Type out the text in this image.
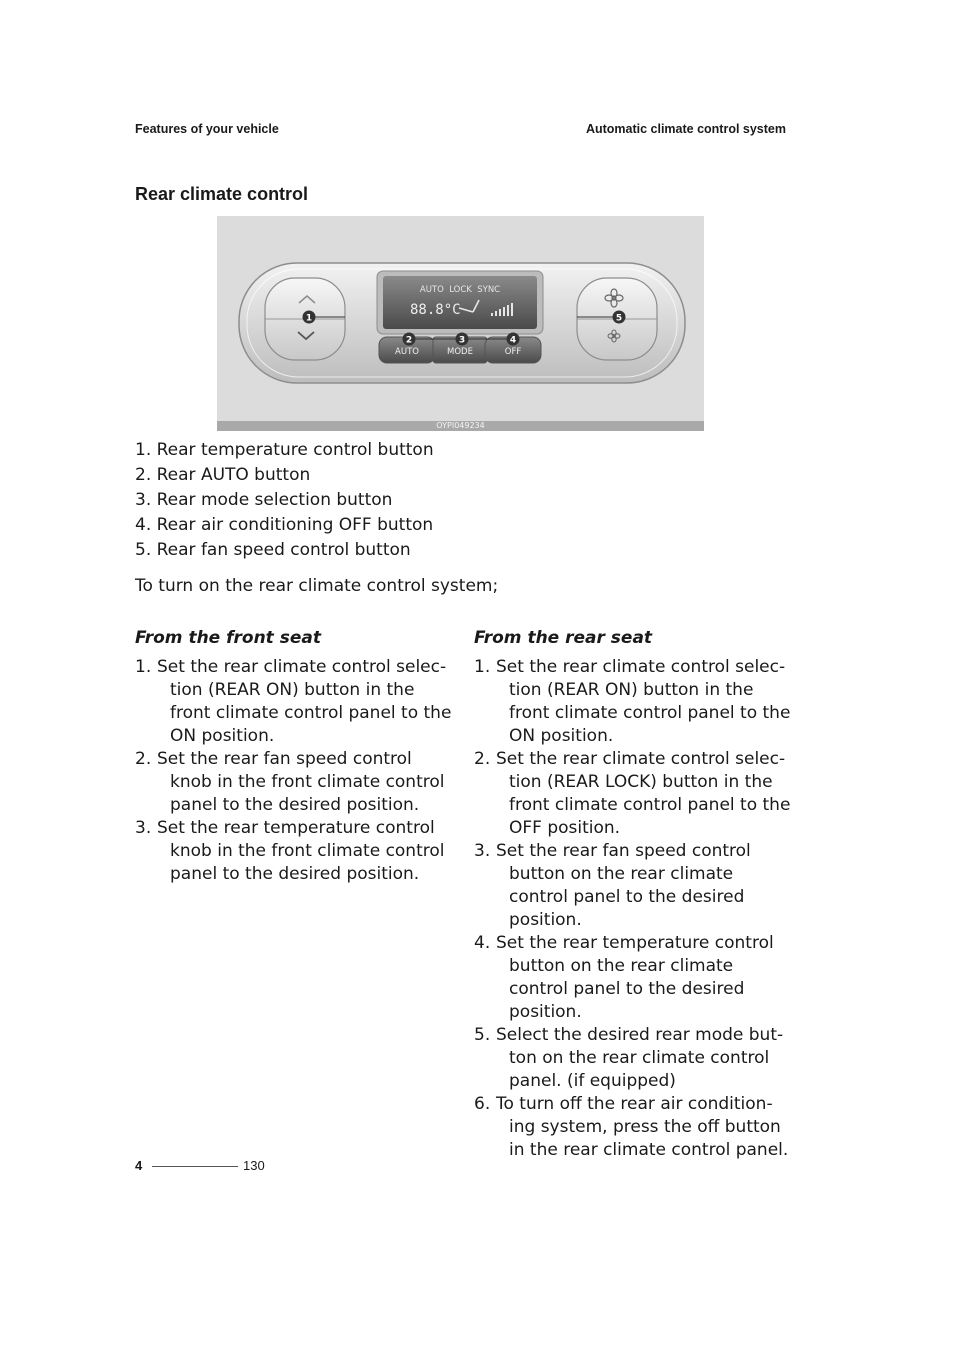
Features of your vehicle	Automatic climate control system
Rear climate control
AUTO  LOCK  SYNC
88.8°C
AUTO	MODE	OFF
1	5
2	3	4
OYPI049234
1. Rear temperature control button
2. Rear AUTO button
3. Rear mode selection button
4. Rear air conditioning OFF button
5. Rear fan speed control button
To turn on the rear climate control system;
From the front seat
1. Set the rear climate control selec- tion (REAR ON) button in the front climate control panel to the ON position.
2. Set the rear fan speed control knob in the front climate control panel to the desired position.
3. Set the rear temperature control knob in the front climate control panel to the desired position.
From the rear seat
1. Set the rear climate control selec- tion (REAR ON) button in the front climate control panel to the ON position.
2. Set the rear climate control selec- tion (REAR LOCK) button in the front climate control panel to the OFF position.
3. Set the rear fan speed control button on the rear climate control panel to the desired position.
4. Set the rear temperature control button on the rear climate control panel to the desired position.
5. Select the desired rear mode but- ton on the rear climate control panel. (if equipped)
6. To turn off the rear air condition- ing system, press the off button in the rear climate control panel.
4	130
